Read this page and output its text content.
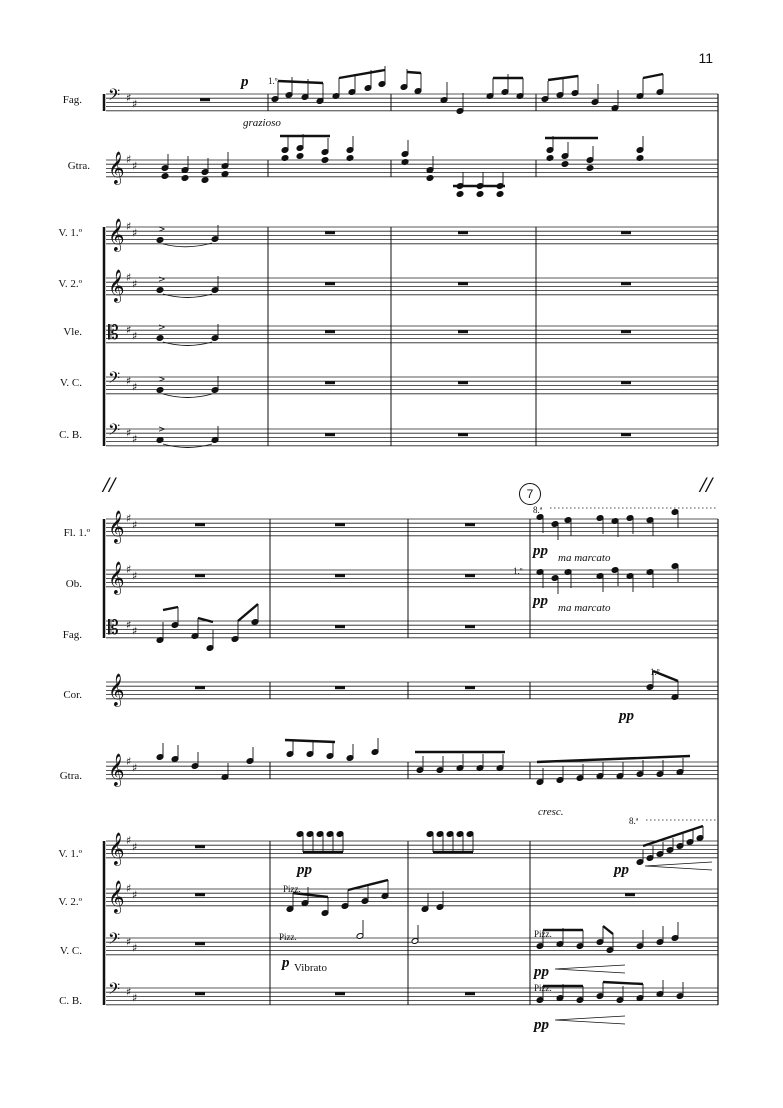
11
𝄢 ♯ ♯
𝄞 ♯ ♯
𝄞 ♯ ♯
𝄞 ♯ ♯
𝄡 ♯ ♯
𝄢 ♯ ♯
𝄢 ♯ ♯
>
>
>
>
>
𝄞 ♯ ♯
𝄞 ♯ ♯
𝄡 ♯ ♯
𝄞
𝄞 ♯ ♯
𝄞 ♯ ♯
𝄞 ♯ ♯
𝄢 ♯ ♯
𝄢 ♯ ♯
Fag.
Gtra.
V. 1.º
V. 2.º
Vle.
V. C.
C. B.
p 1.º
grazioso
//	//
7
Fl. 1.º
Ob.
Fag.
Cor.
Gtra.
V. 1.º
V. 2.º
V. C.
C. B.
8.ª
pp ma marcato
1.º
pp ma marcato
1.º
pp
cresc.
pp
8.ª
pp
Pizz.
Pizz.
p Vibrato
Pizz.
pp
Pizz.
pp
